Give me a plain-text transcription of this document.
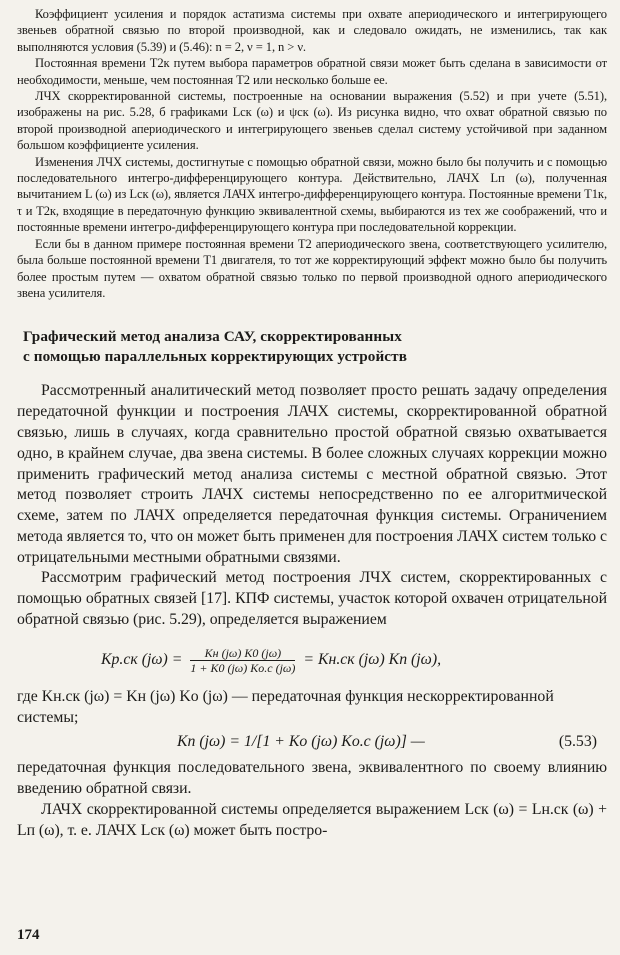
Коэффициент усиления и порядок астатизма системы при охвате апериодического и интегрирующего звеньев обратной связью по второй производной, как и следовало ожидать, не изменились, так как выполняются условия (5.39) и (5.46): n = 2, ν = 1, n > ν.

Постоянная времени T2к путем выбора параметров обратной связи может быть сделана в зависимости от необходимости, меньше, чем постоянная T2 или несколько больше ее.

ЛЧХ скорректированной системы, построенные на основании выражения (5.52) и при учете (5.51), изображены на рис. 5.28, б графиками Lск (ω) и ψск (ω). Из рисунка видно, что охват обратной связью по второй производной апериодического и интегрирующего звеньев сделал систему устойчивой при заданном большом коэффициенте усиления.

Изменения ЛЧХ системы, достигнутые с помощью обратной связи, можно было бы получить и с помощью последовательного интегро-дифференцирующего контура. Действительно, ЛАЧХ Lп (ω), полученная вычитанием L (ω) из Lск (ω), является ЛАЧХ интегро-дифференцирующего контура. Постоянные времени T1к, τ и T2к, входящие в передаточную функцию эквивалентной схемы, выбираются из тех же соображений, что и постоянные времени интегро-дифференцирующего контура при последовательной коррекции.

Если бы в данном примере постоянная времени T2 апериодического звена, соответствующего усилителю, была больше постоянной времени T1 двигателя, то тот же корректирующий эффект можно было бы получить более простым путем — охватом обратной связью только по первой производной одного апериодического звена усилителя.

Графический метод анализа САУ, скорректированных
с помощью параллельных корректирующих устройств

Рассмотренный аналитический метод позволяет просто решать задачу определения передаточной функции и построения ЛАЧХ системы, скорректированной обратной связью, лишь в случаях, когда сравнительно простой обратной связью охватывается одно, в крайнем случае, два звена системы. В более сложных случаях коррекции можно применить графический метод анализа системы с местной обратной связью. Этот метод позволяет строить ЛАЧХ системы непосредственно по ее алгоритмической схеме, затем по ЛАЧХ определяется передаточная функция системы. Ограничением метода является то, что он может быть применен для построения ЛАЧХ систем только с отрицательными местными обратными связями.

Рассмотрим графический метод построения ЛЧХ систем, скорректированных с помощью обратных связей [17]. КПФ системы, участок которой охвачен отрицательной обратной связью (рис. 5.29), определяется выражением

Kр.ск $(j\omega) = \frac{Kн (j\omega) K0 (j\omega)}{1 + K0 (j\omega) Kо.с (j\omega)} = Kн.ск$ (jω) Kп (jω),

где Kн.ск (jω) = Kн (jω) Kо (jω) — передаточная функция нескорректированной системы;

Kп (jω) = 1/[1 + Kо (jω) Kо.с (jω)] —	(5.53)

передаточная функция последовательного звена, эквивалентного по своему влиянию введению обратной связи.

ЛАЧХ скорректированной системы определяется выражением Lск (ω) = Lн.ск (ω) + Lп (ω), т. е. ЛАЧХ Lск (ω) может быть постро-

174
